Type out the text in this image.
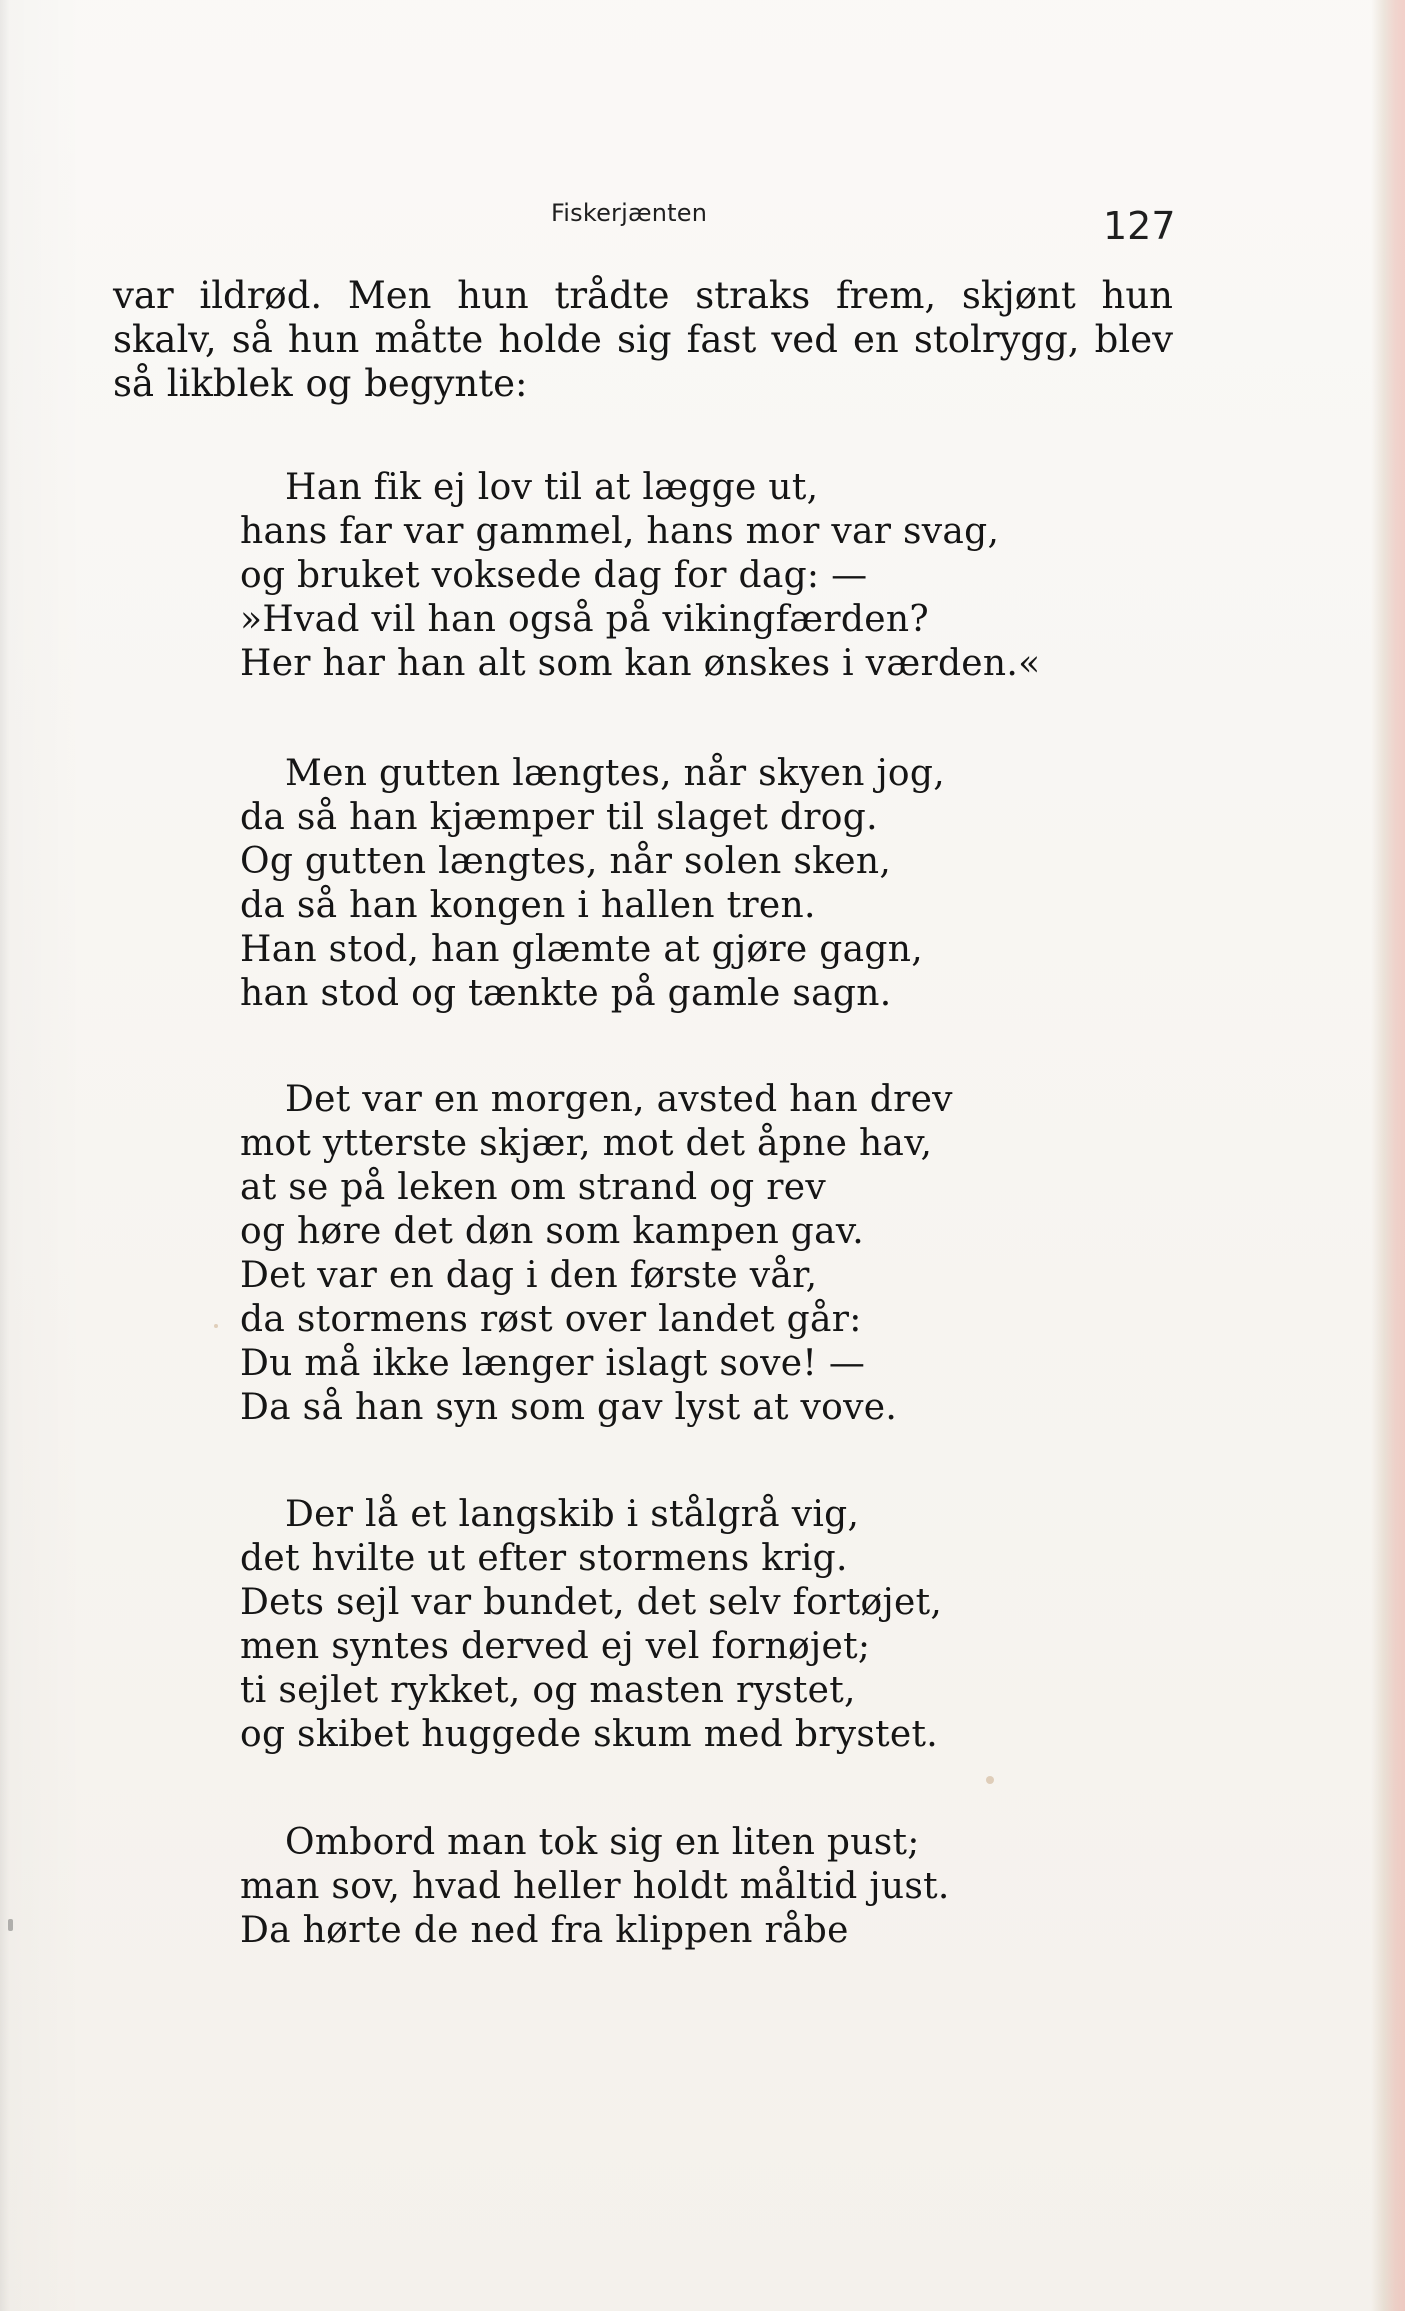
Fiskerjænten	127
var ildrød. Men hun trådte straks frem, skjønt hun
skalv, så hun måtte holde sig fast ved en stolrygg, blev
så likblek og begynte:
Han fik ej lov til at lægge ut,
hans far var gammel, hans mor var svag,
og bruket voksede dag for dag: —
»Hvad vil han også på vikingfærden?
Her har han alt som kan ønskes i værden.«
Men gutten længtes, når skyen jog,
da så han kjæmper til slaget drog.
Og gutten længtes, når solen sken,
da så han kongen i hallen tren.
Han stod, han glæmte at gjøre gagn,
han stod og tænkte på gamle sagn.
Det var en morgen, avsted han drev
mot ytterste skjær, mot det åpne hav,
at se på leken om strand og rev
og høre det døn som kampen gav.
Det var en dag i den første vår,
da stormens røst over landet går:
Du må ikke længer islagt sove! —
Da så han syn som gav lyst at vove.
Der lå et langskib i stålgrå vig,
det hvilte ut efter stormens krig.
Dets sejl var bundet, det selv fortøjet,
men syntes derved ej vel fornøjet;
ti sejlet rykket, og masten rystet,
og skibet huggede skum med brystet.
Ombord man tok sig en liten pust;
man sov, hvad heller holdt måltid just.
Da hørte de ned fra klippen råbe
